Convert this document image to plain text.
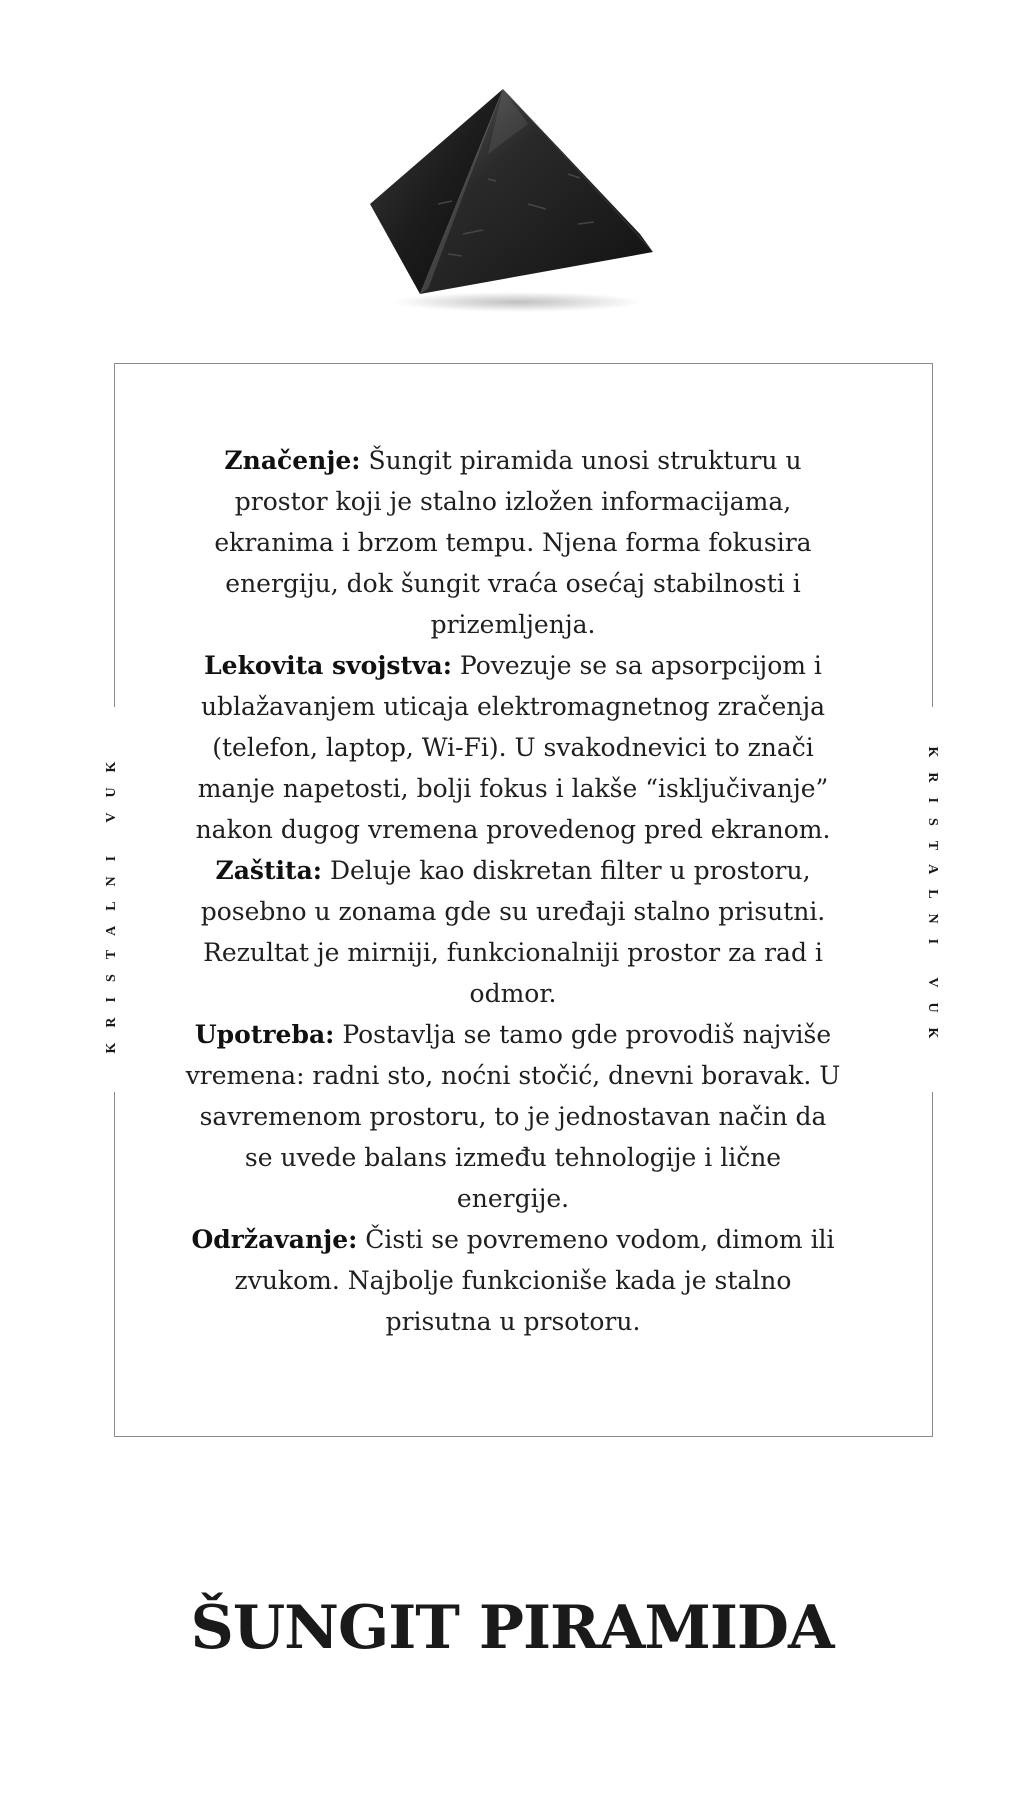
KRISTALNI VUK	KRISTALNI VUK

Značenje: Šungit piramida unosi strukturu u prostor koji je stalno izložen informacijama, ekranima i brzom tempu. Njena forma fokusira energiju, dok šungit vraća osećaj stabilnosti i prizemljenja.

Lekovita svojstva: Povezuje se sa apsorpcijom i ublažavanjem uticaja elektromagnetnog zračenja (telefon, laptop, Wi-Fi). U svakodnevici to znači manje napetosti, bolji fokus i lakše “isključivanje” nakon dugog vremena provedenog pred ekranom.

Zaštita: Deluje kao diskretan filter u prostoru, posebno u zonama gde su uređaji stalno prisutni. Rezultat je mirniji, funkcionalniji prostor za rad i odmor.

Upotreba: Postavlja se tamo gde provodiš najviše vremena: radni sto, noćni stočić, dnevni boravak. U savremenom prostoru, to je jednostavan način da se uvede balans između tehnologije i lične energije.

Održavanje: Čisti se povremeno vodom, dimom ili zvukom. Najbolje funkcioniše kada je stalno prisutna u prsotoru.

ŠUNGIT PIRAMIDA
